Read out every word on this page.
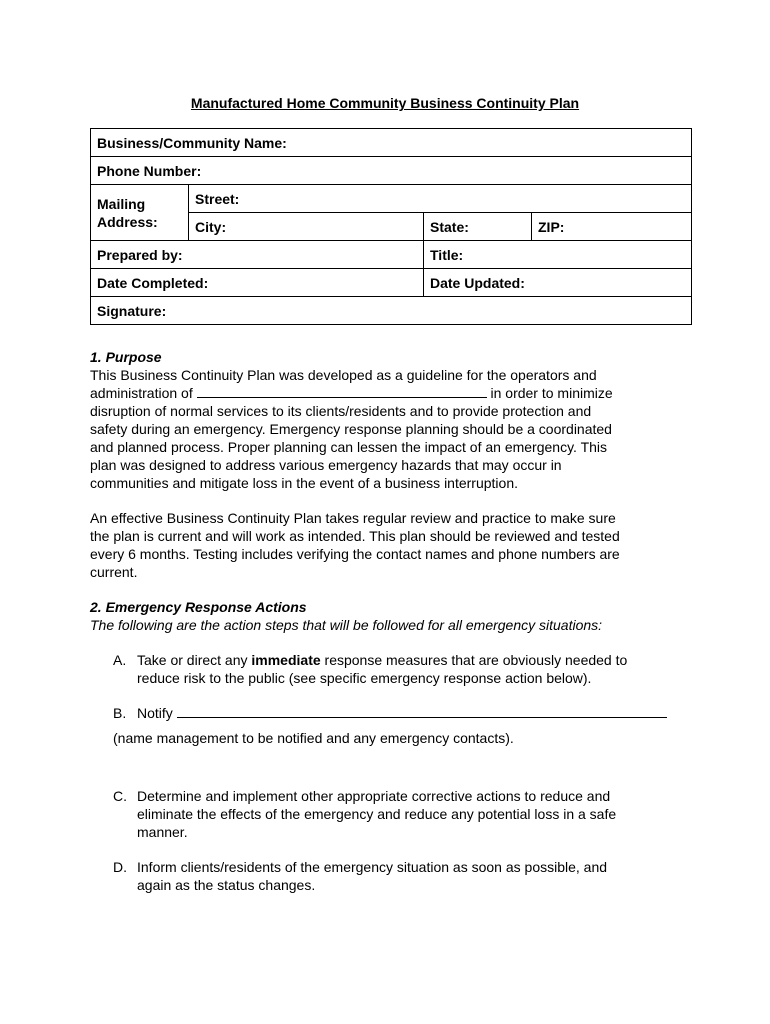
Manufactured Home Community Business Continuity Plan
Business/Community Name:			
Phone Number:			

Mailing
Address:	Street:		
	City:	State:	ZIP:
Prepared by:		Title:	
Date Completed:		Date Updated:	
Signature:			

1. Purpose

This Business Continuity Plan was developed as a guideline for the operators and

administration of	in order to minimize

disruption of normal services to its clients/residents and to provide protection and

safety during an emergency. Emergency response planning should be a coordinated

and planned process. Proper planning can lessen the impact of an emergency. This

plan was designed to address various emergency hazards that may occur in

communities and mitigate loss in the event of a business interruption.

An effective Business Continuity Plan takes regular review and practice to make sure

the plan is current and will work as intended. This plan should be reviewed and tested

every 6 months. Testing includes verifying the contact names and phone numbers are

current.

2. Emergency Response Actions

The following are the action steps that will be followed for all emergency situations:

A. Take or direct any immediate response measures that are obviously needed to

reduce risk to the public (see specific emergency response action below).

B. Notify

(name management to be notified and any emergency contacts).

C. Determine and implement other appropriate corrective actions to reduce and

eliminate the effects of the emergency and reduce any potential loss in a safe

manner.

D. Inform clients/residents of the emergency situation as soon as possible, and

again as the status changes.
